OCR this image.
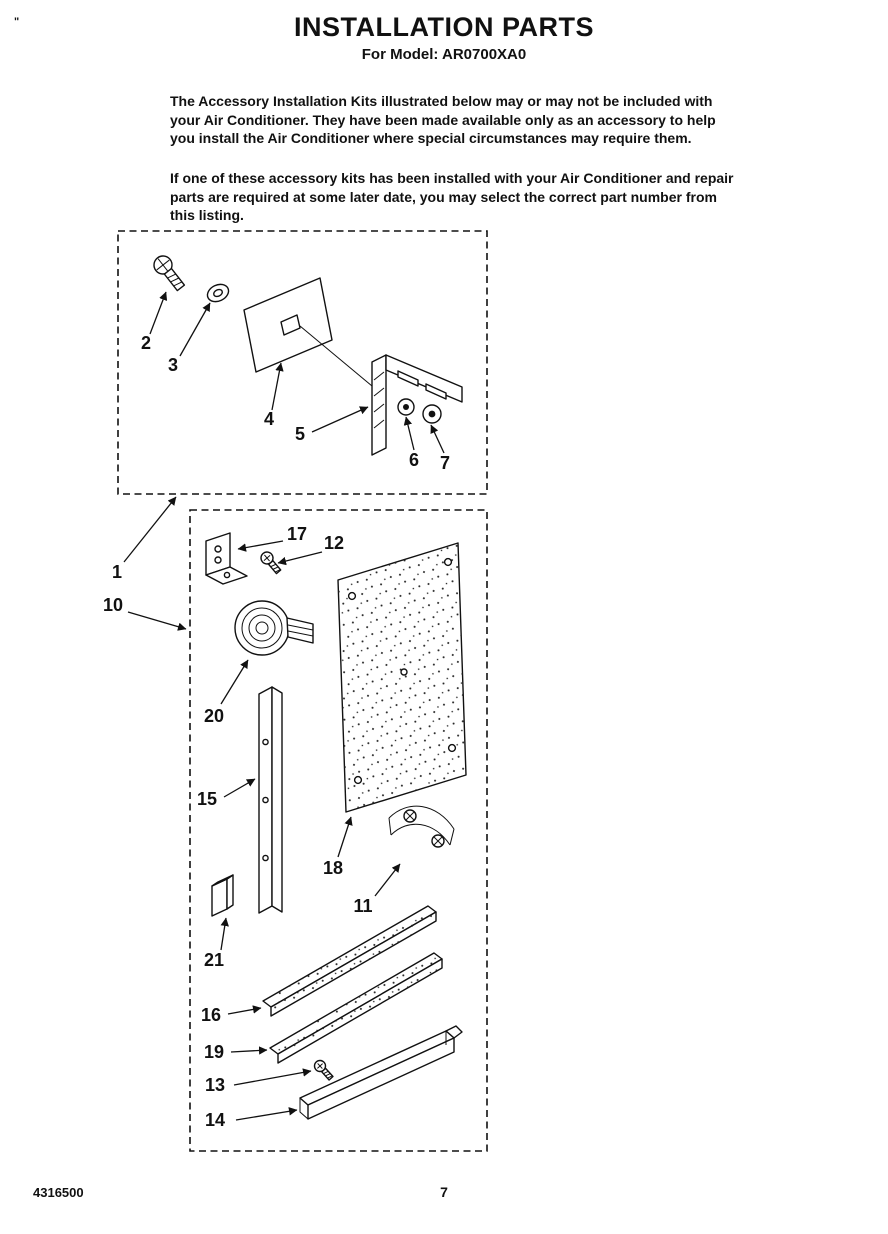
"	INSTALLATION PARTS
For Model: AR0700XA0

The Accessory Installation Kits illustrated below may or may not be included with your Air Conditioner. They have been made available only as an accessory to help you install the Air Conditioner where special circumstances may require them.

If one of these accessory kits has been installed with your Air Conditioner and repair parts are required at some later date, you may select the correct part number from this listing.

1
2
3
4
5
6 7
10
11
12
13
14
15
16
17
18
19
20
21
4316500	7
